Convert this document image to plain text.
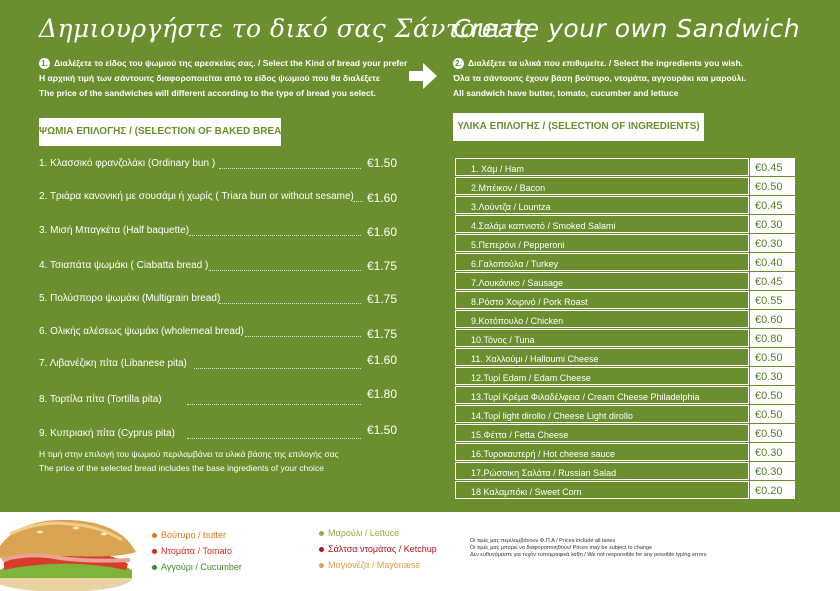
Δημιουργήστε το δικό σας Σάντουιτς
Create your own Sandwich
1. Διαλέξετε το είδος του ψωμιού της αρεσκείας σας. / Select the Kind of bread your prefer
Η αρχική τιμή των σάντουιτς διαφοροποιείται από το είδος ψωμιού που θα διαλέξετε
The price of the sandwiches will different according to the type of bread you select.
2. Διαλέξετε τα υλικά που επιθυμείτε. / Select the ingredients you wish.
Όλα τα σάντουιτς έχουν βάση βούτυρο, ντομάτα, αγγουράκι και μαρούλι.
All sandwich have butter, tomato, cucumber and lettuce
ΨΩΜΙΑ ΕΠΙΛΟΓΗΣ / (SELECTION OF BAKED BREAD)	ΥΛΙΚΑ ΕΠΙΛΟΓΗΣ / (SELECTION OF INGREDIENTS)
1. Κλασσικό φρανζολάκι (Ordinary bun )	€1.50
2. Τριάρα κανονική με σουσάμι ή χωρίς ( Triara bun or without sesame) €1.60
3. Μισή Μπαγκέτα (Half baquette)	€1.60
4. Τσιαπάτα ψωμάκι ( Ciabatta bread )	€1.75
5. Πολύσπορο ψωμάκι (Multigrain bread)	€1.75
6. Ολικής αλέσεως ψωμάκι (wholemeal bread)	€1.75
7. Λιβανέζικη πίτα (Libanese pita)	€1.60
8. Τορτίλα πίτα (Tortilla pita)	€1.80
9. Κυπριακή πίτα (Cyprus pita)	€1.50
Η τιμή στην επιλογή του ψωμιού περιλαμβάνει τα υλικά βάσης της επιλογής σας
The price of the selected bread includes the base ingredients of your choice
1. Χάμ / Ham	€0.45
2.Μπέικον / Bacon	€0.50
3.Λούντζα / Lountza	€0.45
4.Σαλάμι καπνιστό / Smoked Salami	€0.30
5.Πεπερόνι / Pepperoni	€0.30
6.Γαλοπούλα / Turkey	€0.40
7.Λουκάνικο / Sausage	€0.45
8.Ρόστο Χοιρινό / Pork Roast	€0.55
9.Κοτόπουλο / Chicken	€0.60
10.Τόνος / Tuna	€0.80
11. Χαλλούμι / Halloumi Cheese	€0.50
12.Τυρί Edam / Edam Cheese	€0.30
13.Τυρί Κρέμα Φιλαδέλφεια / Cream Cheese Philadelphia	€0.50
14.Τυρί light dirollo / Cheese Light dirollo	€0.50
15.Φέττα / Fetta Cheese	€0.50
16.Τυροκαυτερή / Hot cheese sauce	€0.30
17.Ρώσσικη Σαλάτα / Russian Salad	€0.30
18 Καλαμπόκι / Sweet Corn	€0.20
Βούτυρο / butter
Ντομάτα / Tomato
Αγγούρι / Cucumber
Μαρούλι / Lettuce
Σάλτσα ντομάτας / Ketchup
Μαγιονέζα / Mayonaise
Οι τιμές μας περιλαμβάνουν Φ.Π.Α / Prices include all taxes
Οι τιμές μας μπορεί να διαφοροποιηθούν/ Prices may be subject to change
Δεν ευθυνόμαστε για τυχόν τυπογραφικά λάθη / We not responsible for any possible typing errors
